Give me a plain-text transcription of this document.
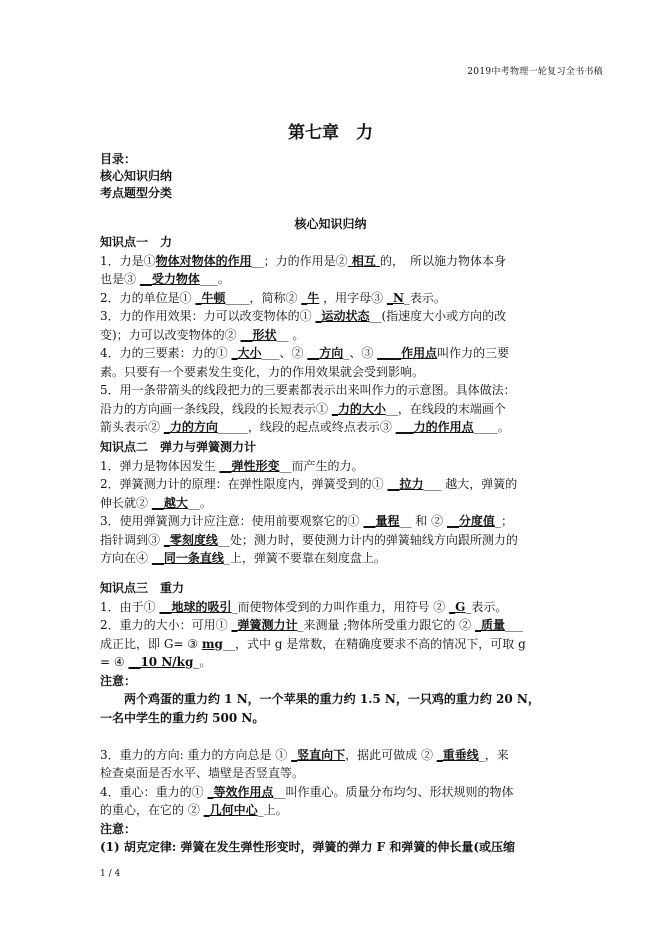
2019中考物理一轮复习全书书稿
第七章　力
目录：
核心知识归纳
考点题型分类
核心知识归纳
知识点一　力
1．力是①物体对物体的作用__；力的作用是② 相互 的，　所以施力物体本身
也是③ __受力物体___。
2．力的单位是① _牛顿____，简称② _牛 ，用字母③ _N_表示。
3．力的作用效果：力可以改变物体的① _运动状态__(指速度大小或方向的改
变)；力可以改变物体的② __形状__ 。
4．力的三要素：力的① _大小___、② __方向_、③ ____作用点叫作力的三要
素。只要有一个要素发生变化，力的作用效果就会受到影响。
5．用一条带箭头的线段把力的三要素都表示出来叫作力的示意图。具体做法：
沿力的方向画一条线段，线段的长短表示① _力的大小__，在线段的末端画个
箭头表示② _力的方向_____，线段的起点或终点表示③ ___力的作用点____。
知识点二　弹力与弹簧测力计
1．弹力是物体因发生 __弹性形变__而产生的力。
2．弹簧测力计的原理：在弹性限度内，弹簧受到的① __拉力___ 越大，弹簧的
伸长就② __越大__。
3．使用弹簧测力计应注意：使用前要观察它的① __量程__ 和 ② __分度值_；
指针调到③ _零刻度线__处；测力时，要使测力计内的弹簧轴线方向跟所测力的
方向在④ __同一条直线_上，弹簧不要靠在刻度盘上。
知识点三　重力
1．由于① __地球的吸引_而使物体受到的力叫作重力，用符号 ② _G_表示。
2．重力的大小：可用① _弹簧测力计_来测量 ;物体所受重力跟它的 ② _质量___
成正比，即 G= ③ mg__，式中 g 是常数，在精确度要求不高的情况下，可取 g
= ④ __10 N/kg_。
注意：
两个鸡蛋的重力约 1 N，一个苹果的重力约 1.5 N，一只鸡的重力约 20 N，
一名中学生的重力约 500 N。
3．重力的方向: 重力的方向总是 ① _竖直向下，据此可做成 ② _重垂线_，来
检查桌面是否水平、墙壁是否竖直等。
4．重心：重力的① _等效作用点__叫作重心。质量分布均匀、形状规则的物体
的重心，在它的 ② _几何中心_上。
注意：
(1) 胡克定律: 弹簧在发生弹性形变时，弹簧的弹力 F 和弹簧的伸长量(或压缩
1 / 4
